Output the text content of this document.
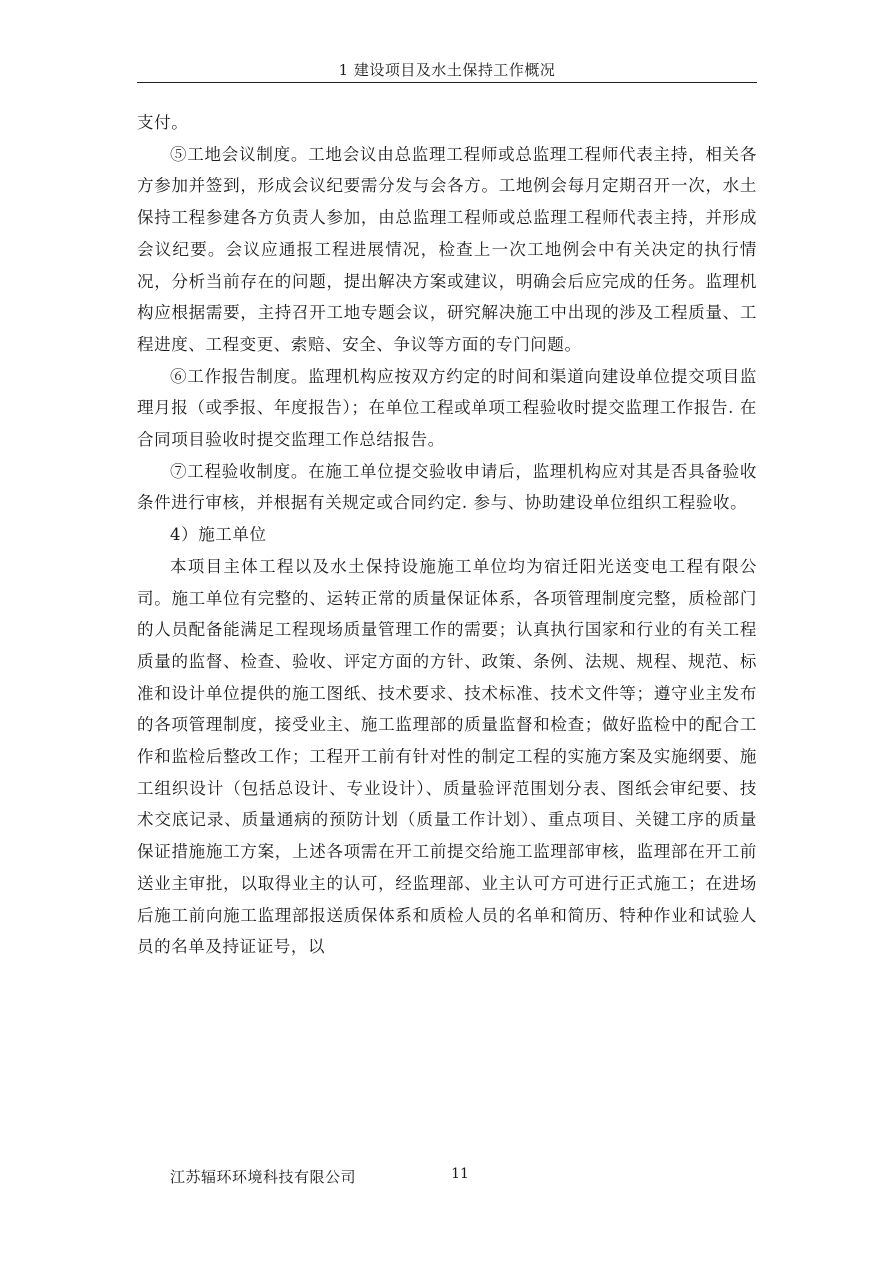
1 建设项目及水土保持工作概况

支付。

⑤工地会议制度。工地会议由总监理工程师或总监理工程师代表主持，相关各方参加并签到，形成会议纪要需分发与会各方。工地例会每月定期召开一次，水土保持工程参建各方负责人参加，由总监理工程师或总监理工程师代表主持，并形成会议纪要。会议应通报工程进展情况，检查上一次工地例会中有关决定的执行情况，分析当前存在的问题，提出解决方案或建议，明确会后应完成的任务。监理机构应根据需要，主持召开工地专题会议，研究解决施工中出现的涉及工程质量、工程进度、工程变更、索赔、安全、争议等方面的专门问题。

⑥工作报告制度。监理机构应按双方约定的时间和渠道向建设单位提交项目监理月报（或季报、年度报告）；在单位工程或单项工程验收时提交监理工作报告. 在合同项目验收时提交监理工作总结报告。

⑦工程验收制度。在施工单位提交验收申请后，监理机构应对其是否具备验收条件进行审核，并根据有关规定或合同约定. 参与、协助建设单位组织工程验收。

4）施工单位

本项目主体工程以及水土保持设施施工单位均为宿迁阳光送变电工程有限公司。施工单位有完整的、运转正常的质量保证体系，各项管理制度完整，质检部门的人员配备能满足工程现场质量管理工作的需要；认真执行国家和行业的有关工程质量的监督、检查、验收、评定方面的方针、政策、条例、法规、规程、规范、标准和设计单位提供的施工图纸、技术要求、技术标准、技术文件等；遵守业主发布的各项管理制度，接受业主、施工监理部的质量监督和检查；做好监检中的配合工作和监检后整改工作；工程开工前有针对性的制定工程的实施方案及实施纲要、施工组织设计（包括总设计、专业设计）、质量验评范围划分表、图纸会审纪要、技术交底记录、质量通病的预防计划（质量工作计划）、重点项目、关键工序的质量保证措施施工方案，上述各项需在开工前提交给施工监理部审核，监理部在开工前送业主审批，以取得业主的认可，经监理部、业主认可方可进行正式施工；在进场后施工前向施工监理部报送质保体系和质检人员的名单和简历、特种作业和试验人员的名单及持证证号，以

江苏辐环环境科技有限公司	11
